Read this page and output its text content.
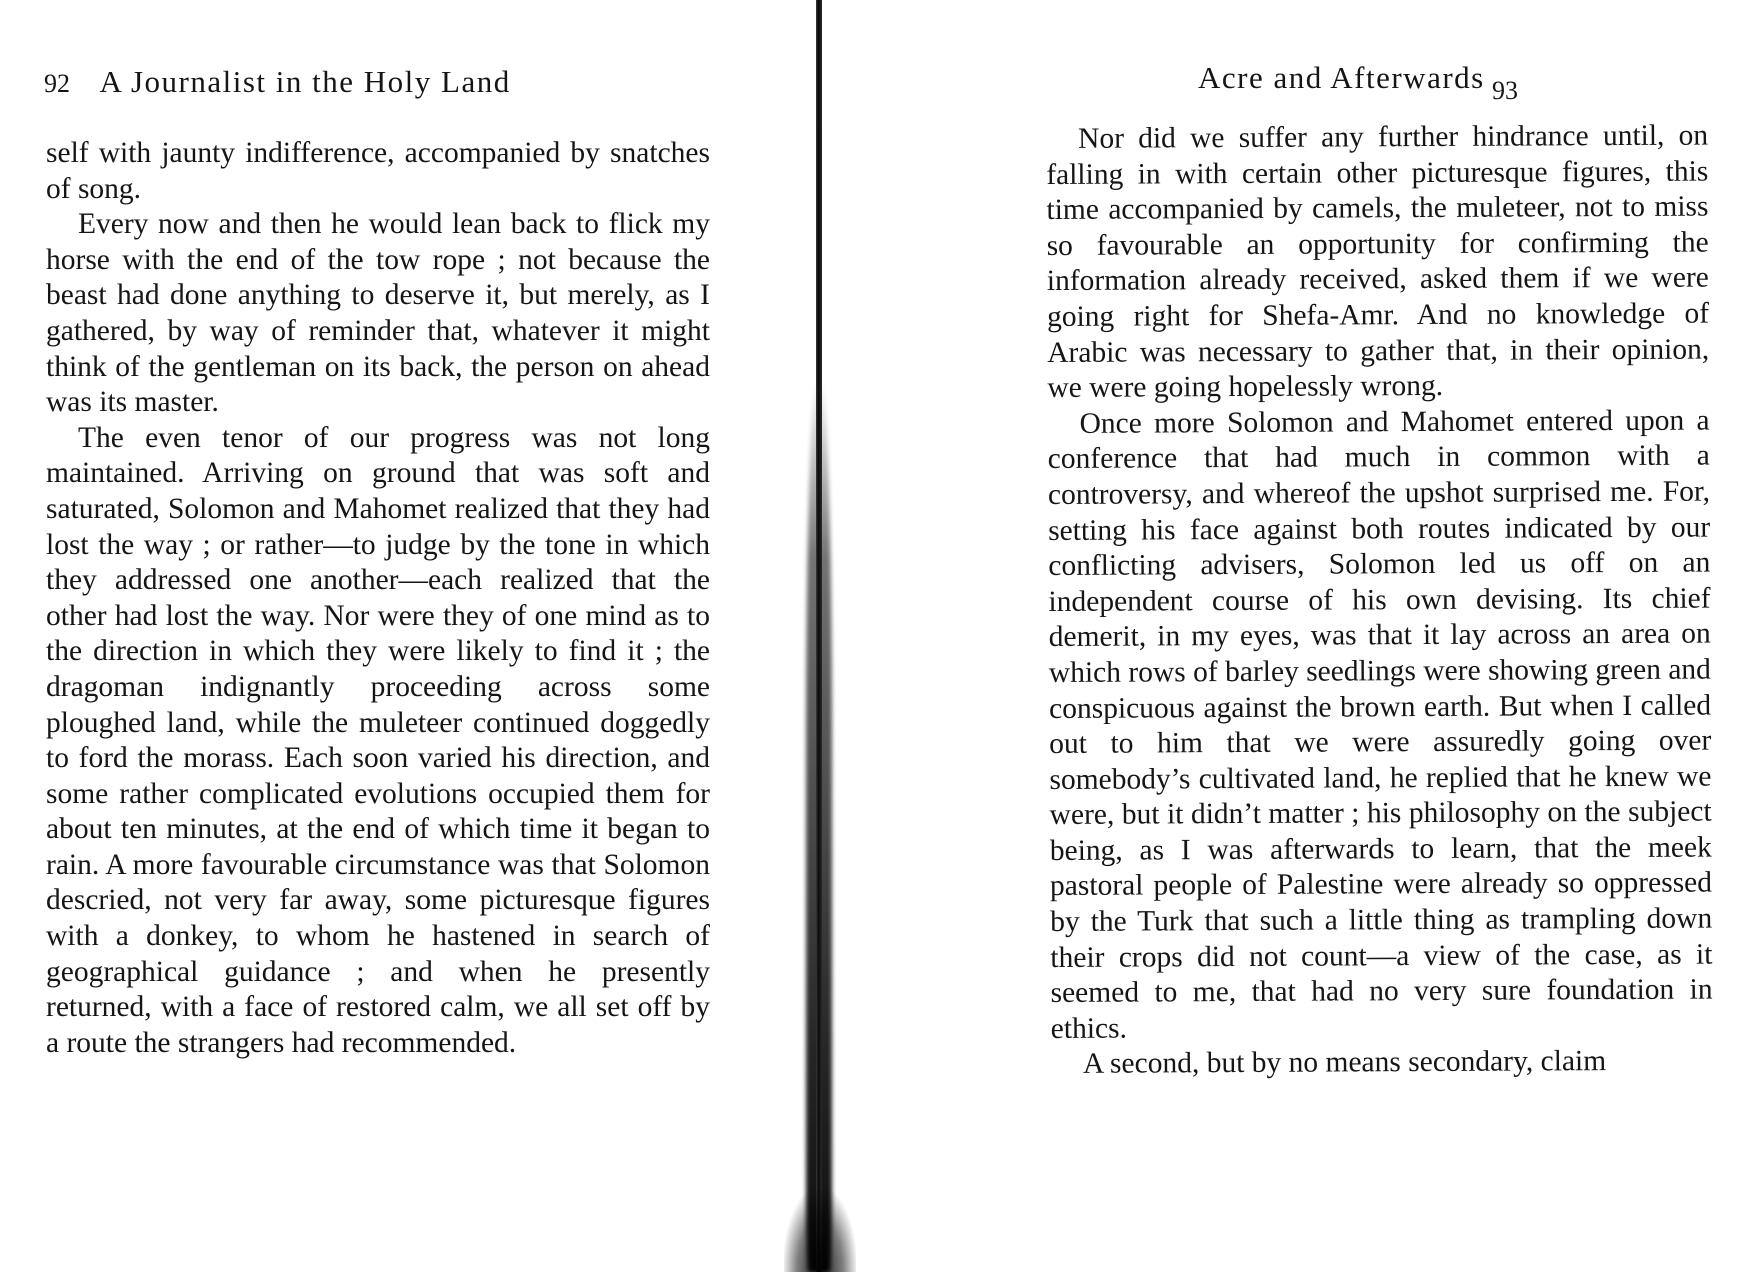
92 A Journalist in the Holy Land

self with jaunty indifference, accompanied by snatches of song.

Every now and then he would lean back to flick my horse with the end of the tow rope ; not because the beast had done anything to deserve it, but merely, as I gathered, by way of reminder that, whatever it might think of the gentleman on its back, the person on ahead was its master.

The even tenor of our progress was not long maintained. Arriving on ground that was soft and saturated, Solomon and Mahomet realized that they had lost the way ; or rather—to judge by the tone in which they addressed one another—each realized that the other had lost the way. Nor were they of one mind as to the direction in which they were likely to find it ; the dragoman indignantly proceeding across some ploughed land, while the muleteer continued doggedly to ford the morass. Each soon varied his direction, and some rather complicated evolutions occupied them for about ten minutes, at the end of which time it began to rain. A more favourable circumstance was that Solomon descried, not very far away, some picturesque figures with a donkey, to whom he hastened in search of geographical guidance ; and when he presently returned, with a face of restored calm, we all set off by a route the strangers had recommended.

Acre and Afterwards 93

Nor did we suffer any further hindrance until, on falling in with certain other picturesque figures, this time accompanied by camels, the muleteer, not to miss so favourable an opportunity for confirming the information already received, asked them if we were going right for Shefa-Amr. And no knowledge of Arabic was necessary to gather that, in their opinion, we were going hopelessly wrong.

Once more Solomon and Mahomet entered upon a conference that had much in common with a controversy, and whereof the upshot surprised me. For, setting his face against both routes indicated by our conflicting advisers, Solomon led us off on an independent course of his own devising. Its chief demerit, in my eyes, was that it lay across an area on which rows of barley seedlings were showing green and conspicuous against the brown earth. But when I called out to him that we were assuredly going over somebody’s cultivated land, he replied that he knew we were, but it didn’t matter ; his philosophy on the subject being, as I was afterwards to learn, that the meek pastoral people of Palestine were already so oppressed by the Turk that such a little thing as trampling down their crops did not count—a view of the case, as it seemed to me, that had no very sure foundation in ethics.

A second, but by no means secondary, claim
